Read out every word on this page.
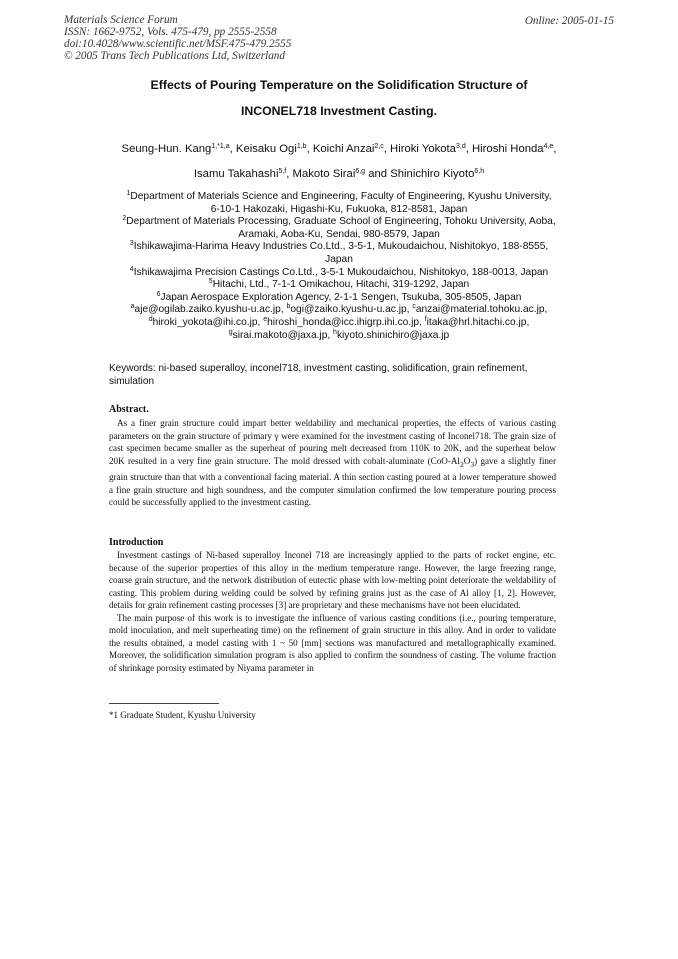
Materials Science Forum
ISSN: 1662-9752, Vols. 475-479, pp 2555-2558
doi:10.4028/www.scientific.net/MSF.475-479.2555
© 2005 Trans Tech Publications Ltd, Switzerland
Online: 2005-01-15
Effects of Pouring Temperature on the Solidification Structure of
INCONEL718 Investment Casting.
Seung-Hun. Kang$^{1,*1,a}$, Keisaku Ogi$^{1,b}$, Koichi Anzai$^{2,c}$, Hiroki Yokota$^{3,d}$, Hiroshi Honda$^{4,e}$,
Isamu Takahashi$^{5,f}$, Makoto Sirai$^{6,g}$ and Shinichiro Kiyoto$^{6,h}$
$^1$Department of Materials Science and Engineering, Faculty of Engineering, Kyushu University,
6-10-1 Hakozaki, Higashi-Ku, Fukuoka, 812-8581, Japan
$^2$Department of Materials Processing, Graduate School of Engineering, Tohoku University, Aoba,
Aramaki, Aoba-Ku, Sendai, 980-8579, Japan
$^3$Ishikawajima-Harima Heavy Industries Co.Ltd., 3-5-1, Mukoudaichou, Nishitokyo, 188-8555,
Japan
$^4$Ishikawajima Precision Castings Co.Ltd., 3-5-1 Mukoudaichou, Nishitokyo, 188-0013, Japan
$^5$Hitachi, Ltd., 7-1-1 Omikachou, Hitachi, 319-1292, Japan
$^6$Japan Aerospace Exploration Agency, 2-1-1 Sengen, Tsukuba, 305-8505, Japan
$^a$aje@ogilab.zaiko.kyushu-u.ac.jp, $^b$ogi@zaiko.kyushu-u.ac.jp, $^c$anzai@material.tohoku.ac.jp,
$^d$hiroki_yokota@ihi.co.jp, $^e$hiroshi_honda@icc.ihigrp.ihi.co.jp, $^f$itaka@hrl.hitachi.co.jp,
$^g$sirai.makoto@jaxa.jp, $^h$kiyoto.shinichiro@jaxa.jp
Keywords: ni-based superalloy, inconel718, investment casting, solidification, grain refinement, simulation
Abstract.

As a finer grain structure could impart better weldability and mechanical properties, the effects of various casting parameters on the grain structure of primary γ were examined for the investment casting of Inconel718. The grain size of cast specimen became smaller as the superheat of pouring melt decreased from 110K to 20K, and the superheat below 20K resulted in a very fine grain structure. The mold dressed with cobalt-aluminate $(CoO-Al_2O_3)$ gave a slightly finer grain structure than that with a conventional facing material. A thin section casting poured at a lower temperature showed a fine grain structure and high soundness, and the computer simulation confirmed the low temperature pouring process could be successfully applied to the investment casting.

Introduction

Investment castings of Ni-based superalloy Inconel 718 are increasingly applied to the parts of rocket engine, etc. because of the superior properties of this alloy in the medium temperature range. However, the large freezing range, coarse grain structure, and the network distribution of eutectic phase with low-melting point deteriorate the weldability of casting. This problem during welding could be solved by refining grains just as the case of Al alloy [1, 2]. However, details for grain refinement casting processes [3] are proprietary and these mechanisms have not been elucidated.

The main purpose of this work is to investigate the influence of various casting conditions (i.e., pouring temperature, mold inoculation, and melt superheating time) on the refinement of grain structure in this alloy. And in order to validate the results obtained, a model casting with 1 ~ 50 [mm] sections was manufactured and metallographically examined. Moreover, the solidification simulation program is also applied to confirm the soundness of casting. The volume fraction of shrinkage porosity estimated by Niyama parameter in

*1 Graduate Student, Kyushu University
